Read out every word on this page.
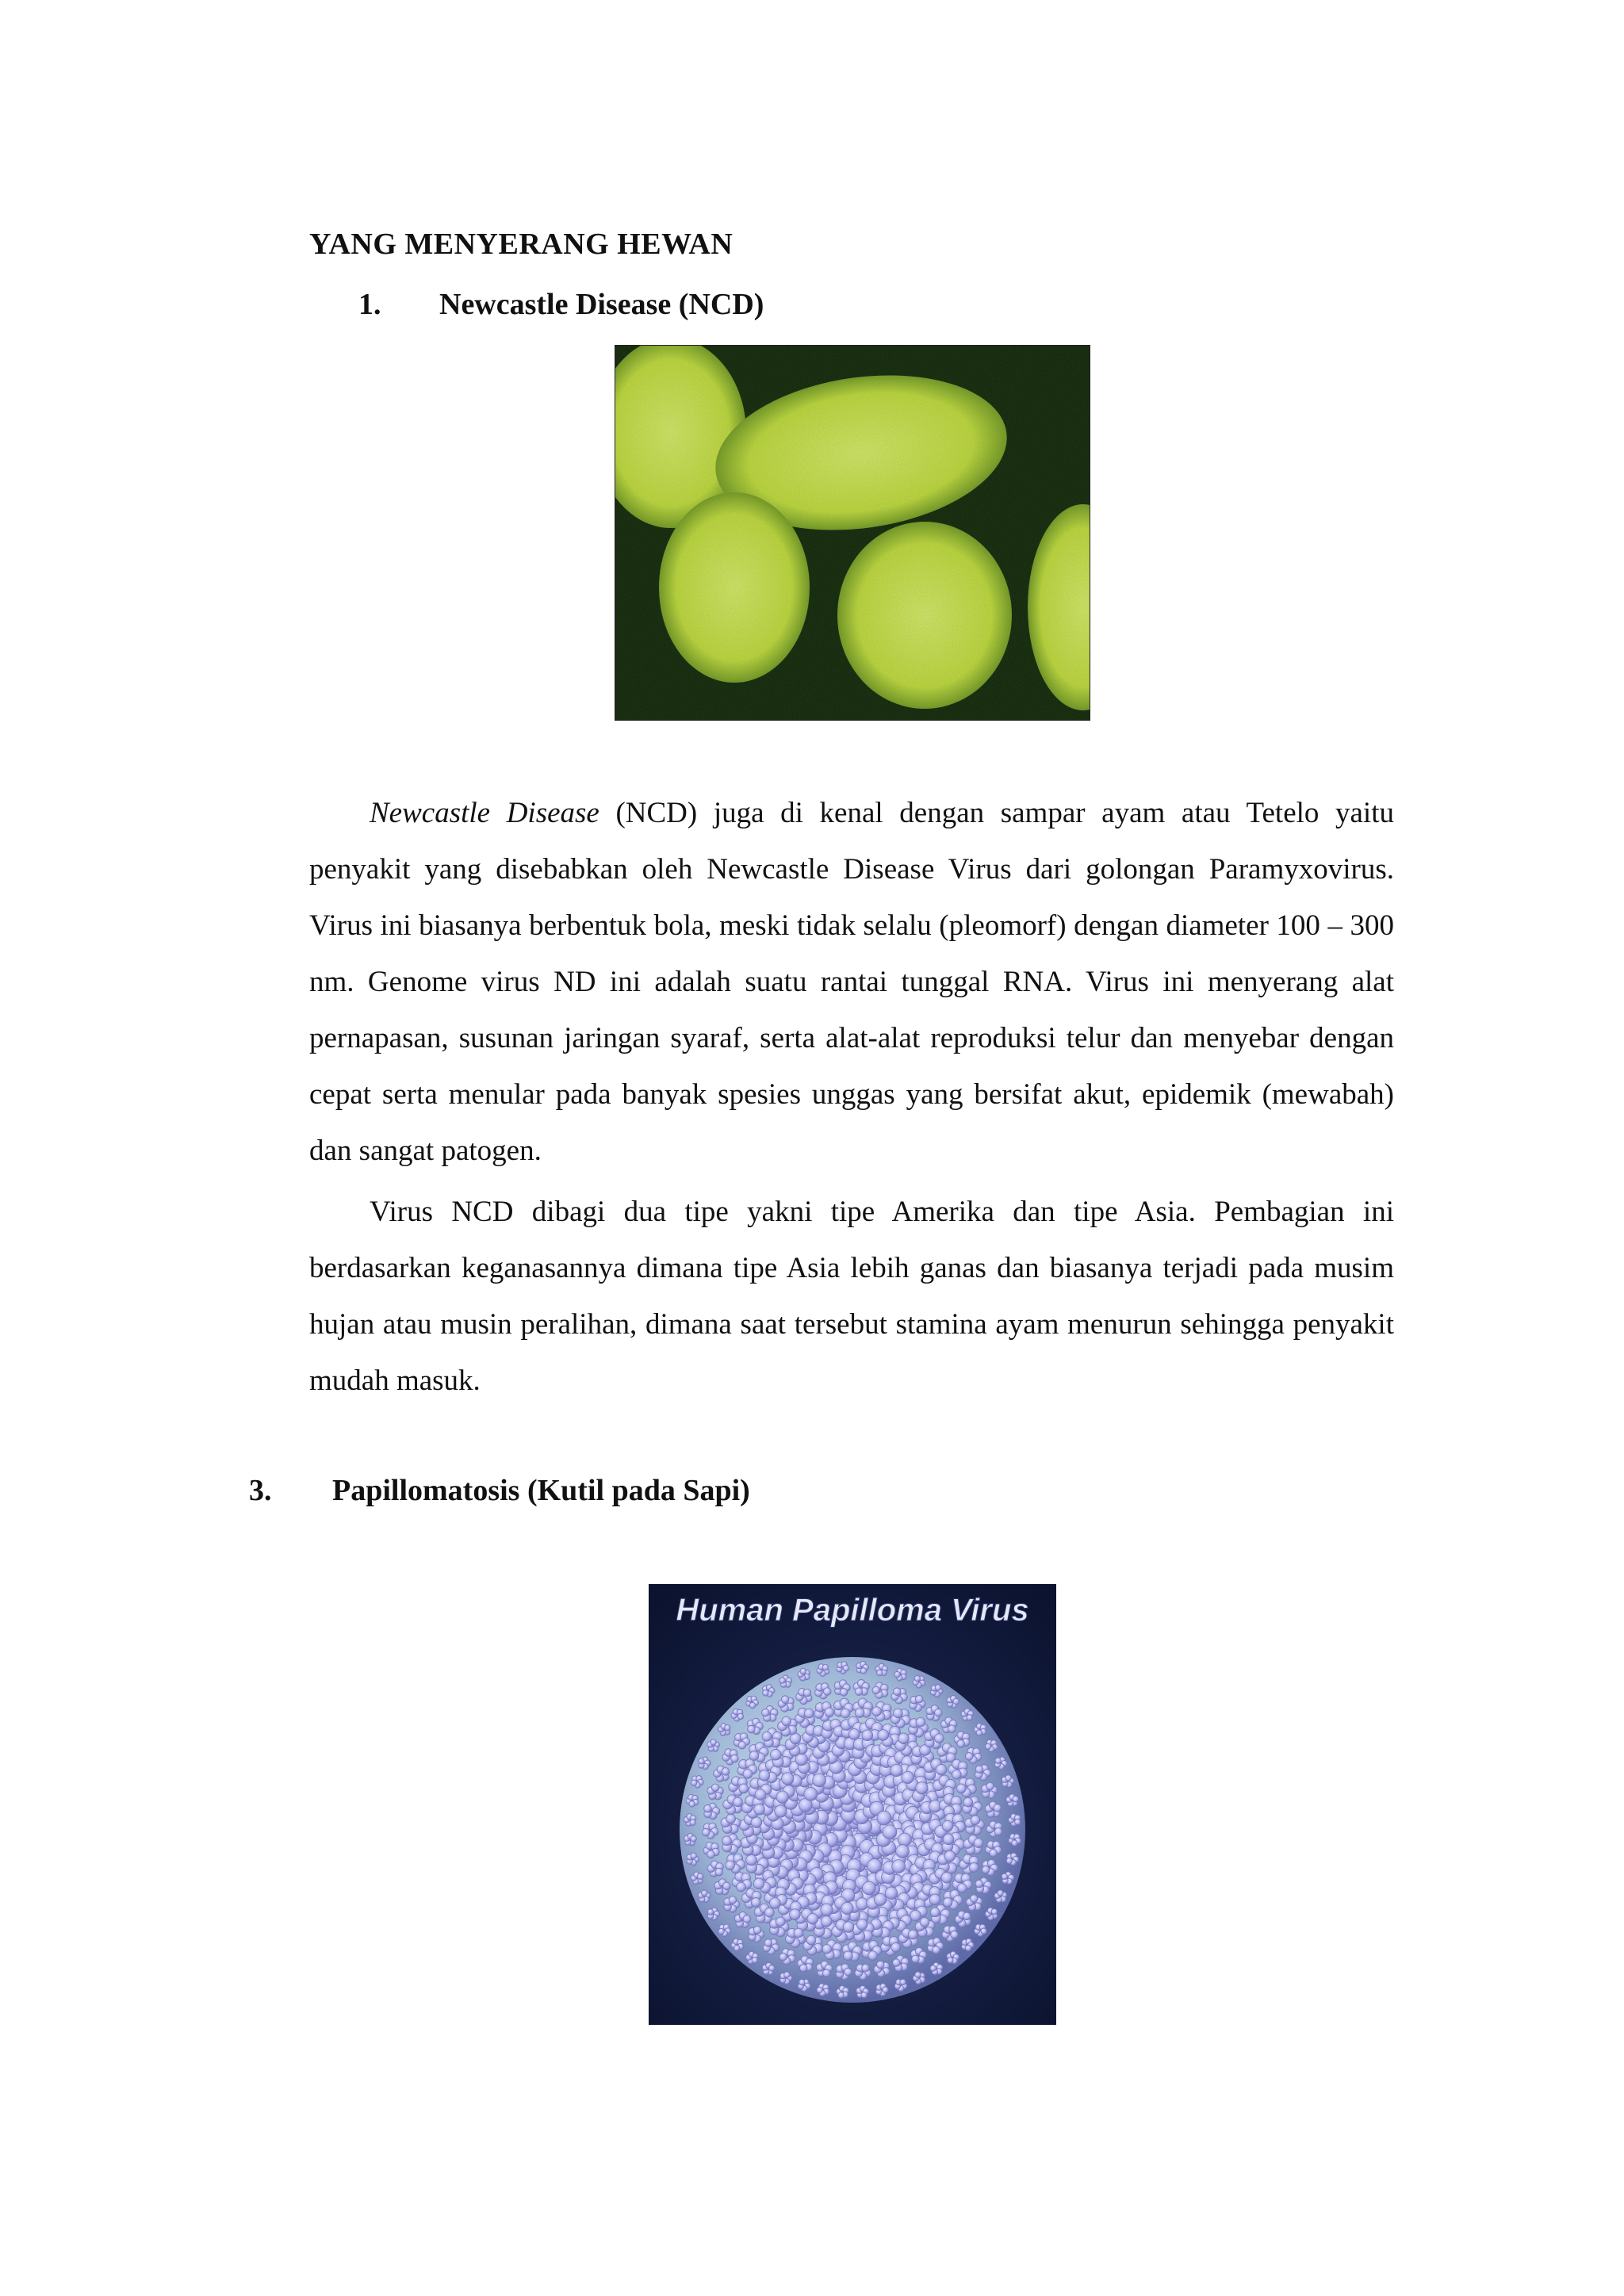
YANG MENYERANG HEWAN
1. Newcastle Disease (NCD)
Newcastle Disease (NCD) juga di kenal dengan sampar ayam atau Tetelo yaitu penyakit yang disebabkan oleh Newcastle Disease Virus dari golongan Paramyxovirus. Virus ini biasanya berbentuk bola, meski tidak selalu (pleomorf) dengan diameter 100 – 300 nm. Genome virus ND ini adalah suatu rantai tunggal RNA. Virus ini menyerang alat pernapasan, susunan jaringan syaraf, serta alat-alat reproduksi telur dan menyebar dengan cepat serta menular pada banyak spesies unggas yang bersifat akut, epidemik (mewabah) dan sangat patogen.
Virus NCD dibagi dua tipe yakni tipe Amerika dan tipe Asia. Pembagian ini berdasarkan keganasannya dimana tipe Asia lebih ganas dan biasanya terjadi pada musim hujan atau musin peralihan, dimana saat tersebut stamina ayam menurun sehingga penyakit mudah masuk.
3. Papillomatosis (Kutil pada Sapi)
Human Papilloma Virus
